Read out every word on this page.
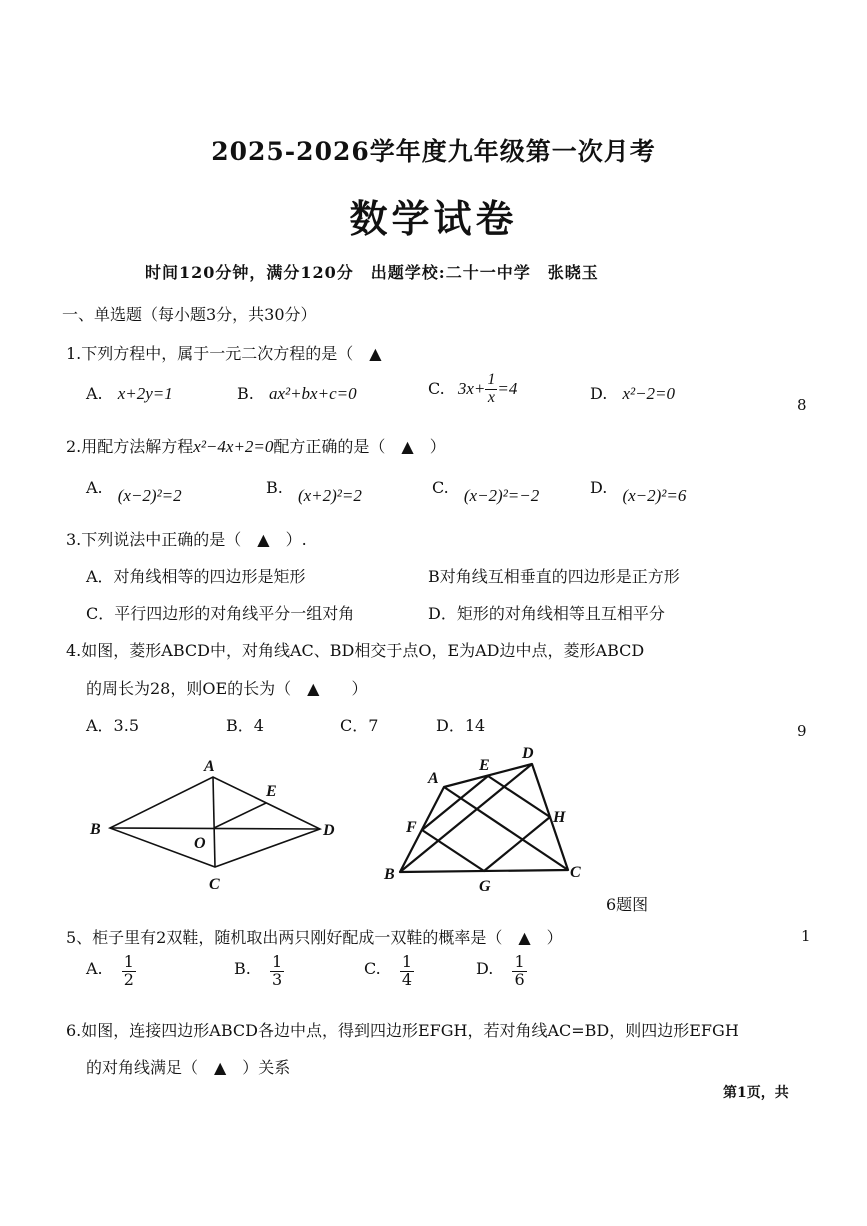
2025-2026学年度九年级第一次月考
数学试卷
时间120分钟，满分120分　出题学校:二十一中学　张晓玉
一、单选题（每小题3分，共30分）
1.下列方程中，属于一元二次方程的是（　▲
A. x+2y=1	B. ax²+bx+c=0	C. $3x+ \frac{1}{x} =4$	D. x²−2=0
2.用配方法解方程x²−4x+2=0配方正确的是（　▲　）
A. (x−2)²=2	B. (x+2)²=2	C. (x−2)²=−2	D. (x−2)²=6
3.下列说法中正确的是（　▲　）.
A．对角线相等的四边形是矩形	B对角线互相垂直的四边形是正方形
C．平行四边形的对角线平分一组对角	D．矩形的对角线相等且互相平分
4.如图，菱形ABCD中，对角线AC、BD相交于点O，E为AD边中点，菱形ABCD
的周长为28，则OE的长为（　▲　　）
A．3.5	B．4	C．7	D．14
A
B
C
D
E
O
A
D
E
F
H
B
G
C
6题图
5、柜子里有2双鞋，随机取出两只刚好配成一双鞋的概率是（　▲　）
A. $\frac{1}{2}$	B. $\frac{1}{3}$	C. $\frac{1}{4}$	D. $\frac{1}{6}$
6.如图，连接四边形ABCD各边中点，得到四边形EFGH，若对角线AC=BD，则四边形EFGH
的对角线满足（　▲　）关系
8
9
1
第1页，共
